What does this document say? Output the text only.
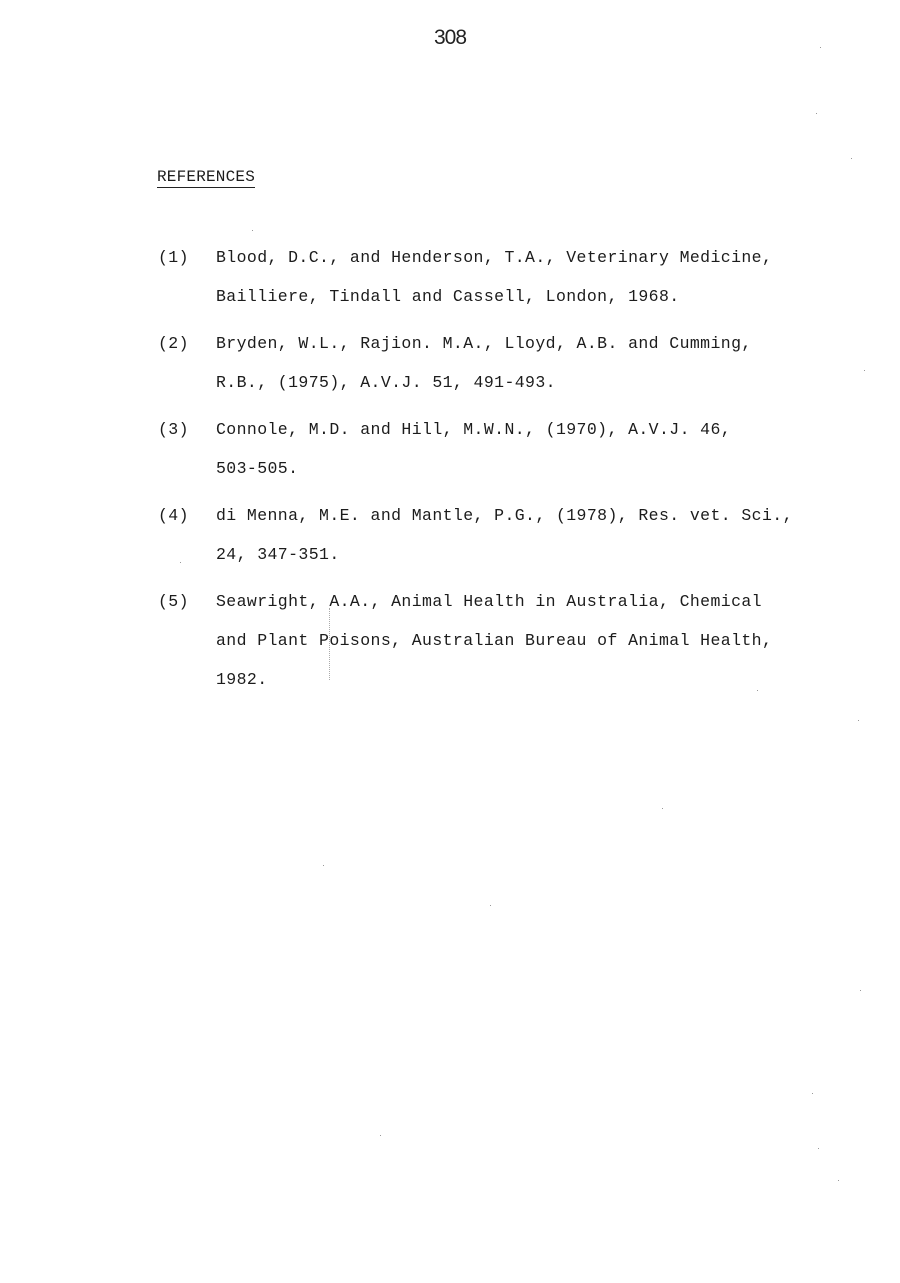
308
REFERENCES
(1)	Blood, D.C., and Henderson, T.A., Veterinary Medicine,
Bailliere, Tindall and Cassell, London, 1968.
(2)	Bryden, W.L., Rajion. M.A., Lloyd, A.B. and Cumming,
R.B., (1975), A.V.J. 51, 491-493.
(3)	Connole, M.D. and Hill, M.W.N., (1970), A.V.J. 46,
503-505.
(4)	di Menna, M.E. and Mantle, P.G., (1978), Res. vet. Sci.,
24, 347-351.
(5)	Seawright, A.A., Animal Health in Australia, Chemical
and Plant Poisons, Australian Bureau of Animal Health,
1982.
